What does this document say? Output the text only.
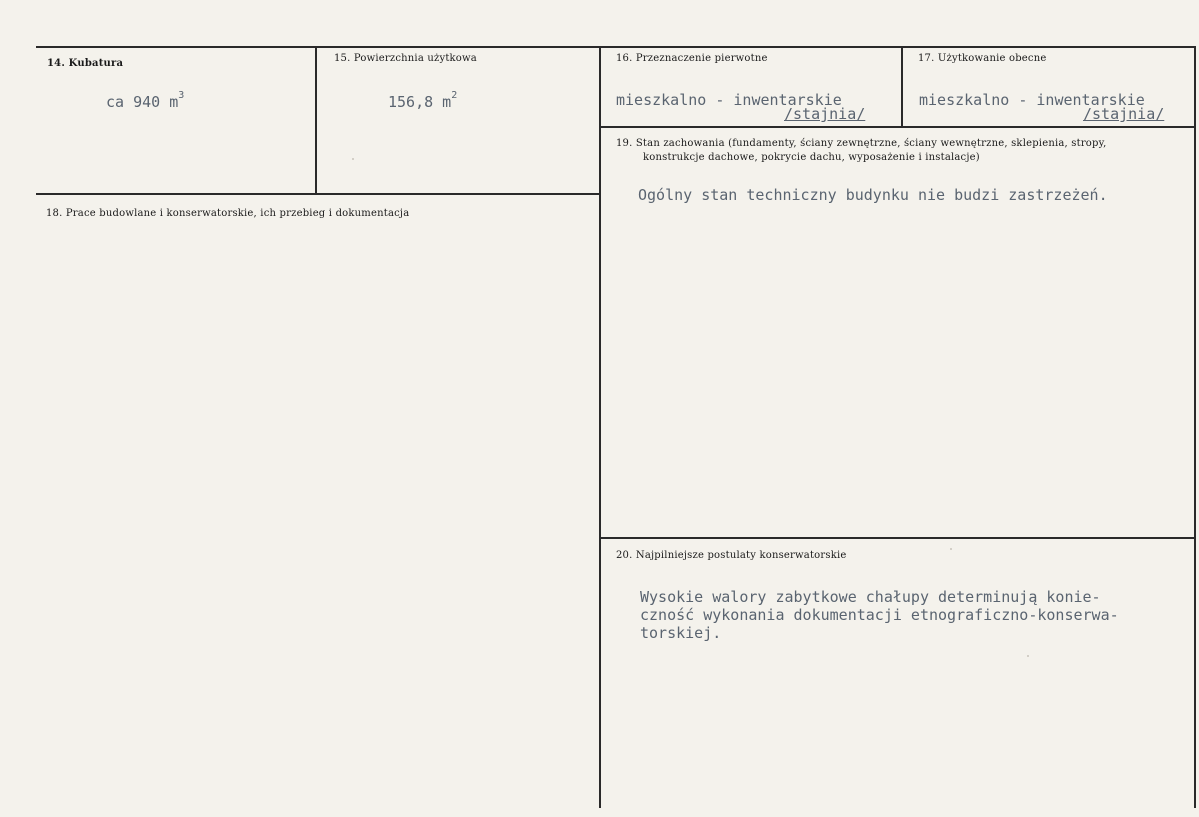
14. Kubatura
ca 940 $m^3$
15. Powierzchnia użytkowa
156,8 $m^2$
16. Przeznaczenie pierwotne
mieszkalno - inwentarskie
/stajnia/
17. Użytkowanie obecne
mieszkalno - inwentarskie
/stajnia/
18. Prace budowlane i konserwatorskie, ich przebieg i dokumentacja
19. Stan zachowania (fundamenty, ściany zewnętrzne, ściany wewnętrzne, sklepienia, stropy,
konstrukcje dachowe, pokrycie dachu, wyposażenie i instalacje)
Ogólny stan techniczny budynku nie budzi zastrzeżeń.
20. Najpilniejsze postulaty konserwatorskie
Wysokie walory zabytkowe chałupy determinują konie-
czność wykonania dokumentacji etnograficzno-konserwa-
torskiej.
